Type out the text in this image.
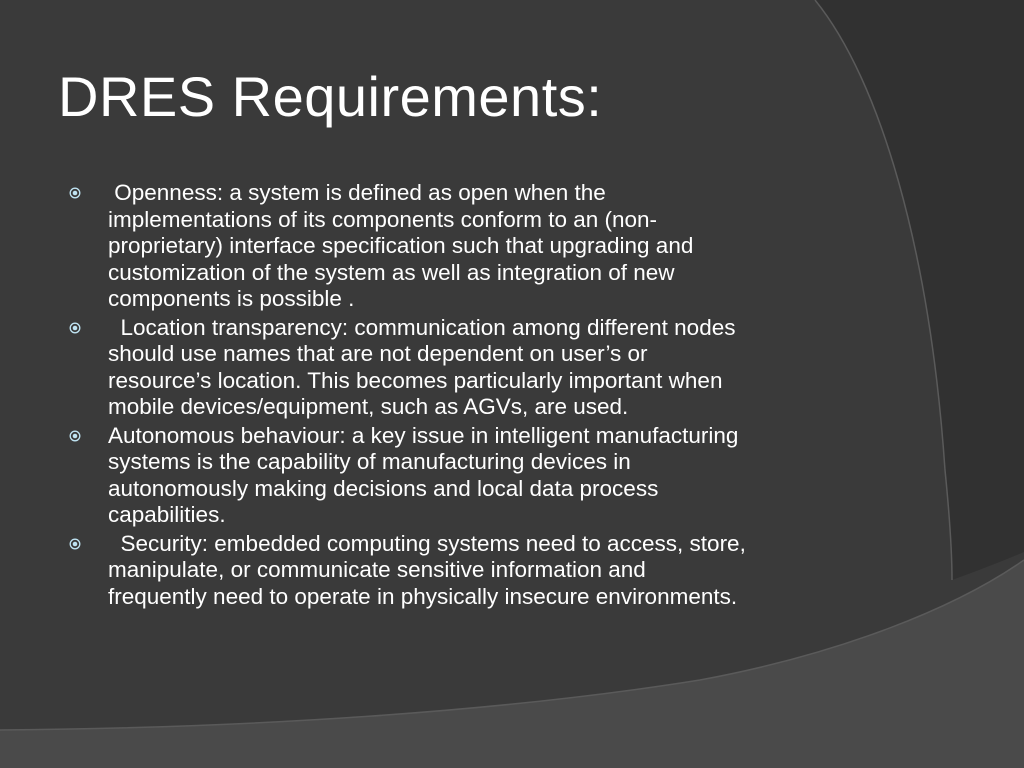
DRES Requirements:
Openness: a system is defined as open when the
implementations of its components conform to an (non-
proprietary) interface specification such that upgrading and
customization of the system as well as integration of new
components is possible .
Location transparency: communication among different nodes
should use names that are not dependent on user’s or
resource’s location. This becomes particularly important when
mobile devices/equipment, such as AGVs, are used.
Autonomous behaviour: a key issue in intelligent manufacturing
systems is the capability of manufacturing devices in
autonomously making decisions and local data process
capabilities.
Security: embedded computing systems need to access, store,
manipulate, or communicate sensitive information and
frequently need to operate in physically insecure environments.
